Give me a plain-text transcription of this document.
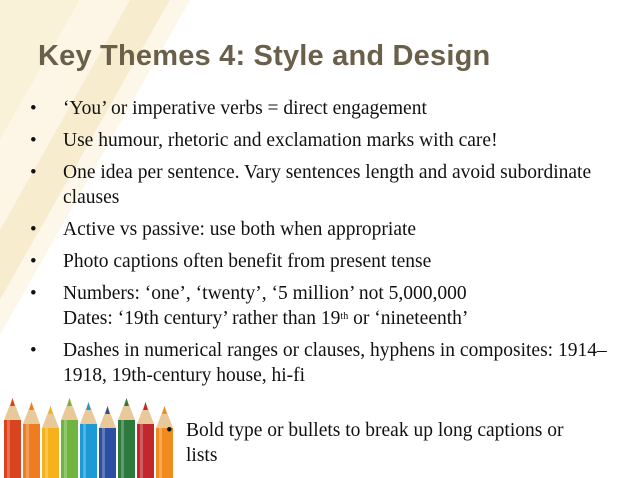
Key Themes 4: Style and Design
• ‘You’ or imperative verbs = direct engagement
• Use humour, rhetoric and exclamation marks with care!
• One idea per sentence. Vary sentences length and avoid subordinate clauses
• Active vs passive: use both when appropriate
• Photo captions often benefit from present tense
• Numbers: ‘one’, ‘twenty’, ‘5 million’ not 5,000,000
Dates: ‘19th century’ rather than 19th or ‘nineteenth’
• Dashes in numerical ranges or clauses, hyphens in composites: 1914–1918, 19th-century house, hi-fi
• Bold type or bullets to break up long captions or lists
